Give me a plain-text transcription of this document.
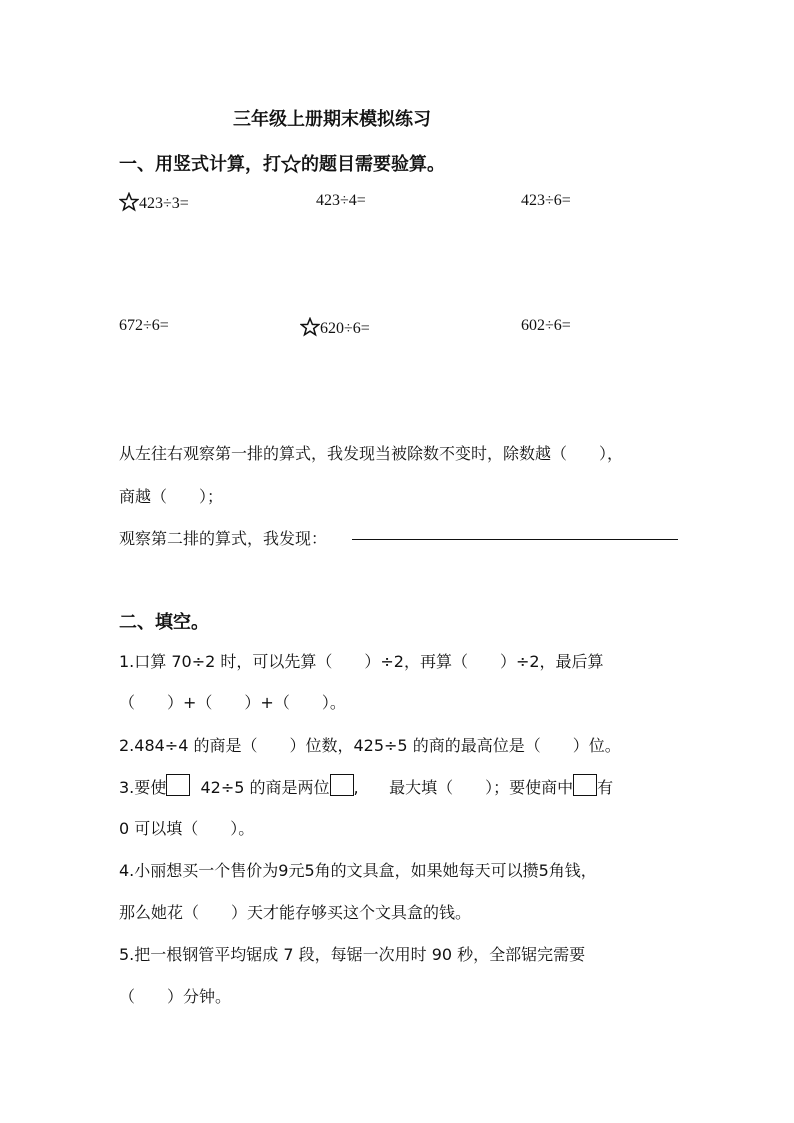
三年级上册期末模拟练习
一、用竖式计算，打 的题目需要验算。
423÷3=	423÷4=	423÷6=
672÷6=	620÷6=	602÷6=
从左往右观察第一排的算式，我发现当被除数不变时，除数越（　　），
商越（　　）；
观察第二排的算式，我发现：
二、填空。
1.口算 70÷2 时，可以先算（　　）÷2，再算（　　）÷2，最后算
（　　）+（　　）+（　　）。
2.484÷4 的商是（　　）位数，425÷5 的商的最高位是（　　）位。
3.要使 42÷5 的商是两位 ,      最大填（　　）；要使商中 有
0 可以填（　　）。
4.小丽想买一个售价为9元5角的文具盒，如果她每天可以攒5角钱，
那么她花（　　）天才能存够买这个文具盒的钱。
5.把一根钢管平均锯成 7 段，每锯一次用时 90 秒，全部锯完需要
（　　）分钟。
